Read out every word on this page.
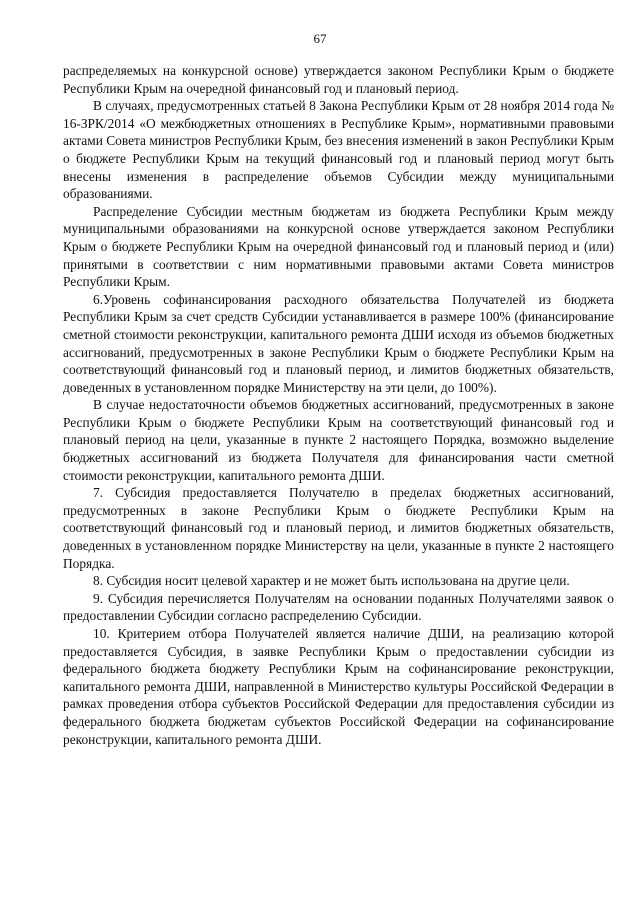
67

распределяемых на конкурсной основе) утверждается законом Республики Крым о бюджете Республики Крым на очередной финансовый год и плановый период.

В случаях, предусмотренных статьей 8 Закона Республики Крым от 28 ноября 2014 года № 16-ЗРК/2014 «О межбюджетных отношениях в Республике Крым», нормативными правовыми актами Совета министров Республики Крым, без внесения изменений в закон Республики Крым о бюджете Республики Крым на текущий финансовый год и плановый период могут быть внесены изменения в распределение объемов Субсидии между муниципальными образованиями.

Распределение Субсидии местным бюджетам из бюджета Республики Крым между муниципальными образованиями на конкурсной основе утверждается законом Республики Крым о бюджете Республики Крым на очередной финансовый год и плановый период и (или) принятыми в соответствии с ним нормативными правовыми актами Совета министров Республики Крым.

6.Уровень софинансирования расходного обязательства Получателей из бюджета Республики Крым за счет средств Субсидии устанавливается в размере 100% (финансирование сметной стоимости реконструкции, капитального ремонта ДШИ исходя из объемов бюджетных ассигнований, предусмотренных в законе Республики Крым о бюджете Республики Крым на соответствующий финансовый год и плановый период, и лимитов бюджетных обязательств, доведенных в установленном порядке Министерству на эти цели, до 100%).

В случае недостаточности объемов бюджетных ассигнований, предусмотренных в законе Республики Крым о бюджете Республики Крым на соответствующий финансовый год и плановый период на цели, указанные в пункте 2 настоящего Порядка, возможно выделение бюджетных ассигнований из бюджета Получателя для финансирования части сметной стоимости реконструкции, капитального ремонта ДШИ.

7. Субсидия предоставляется Получателю в пределах бюджетных ассигнований, предусмотренных в законе Республики Крым о бюджете Республики Крым на соответствующий финансовый год и плановый период, и лимитов бюджетных обязательств, доведенных в установленном порядке Министерству на цели, указанные в пункте 2 настоящего Порядка.

8. Субсидия носит целевой характер и не может быть использована на другие цели.

9. Субсидия перечисляется Получателям на основании поданных Получателями заявок о предоставлении Субсидии согласно распределению Субсидии.

10. Критерием отбора Получателей является наличие ДШИ, на реализацию которой предоставляется Субсидия, в заявке Республики Крым о предоставлении субсидии из федерального бюджета бюджету Республики Крым на софинансирование реконструкции, капитального ремонта ДШИ, направленной в Министерство культуры Российской Федерации в рамках проведения отбора субъектов Российской Федерации для предоставления субсидии из федерального бюджета бюджетам субъектов Российской Федерации на софинансирование реконструкции, капитального ремонта ДШИ.
